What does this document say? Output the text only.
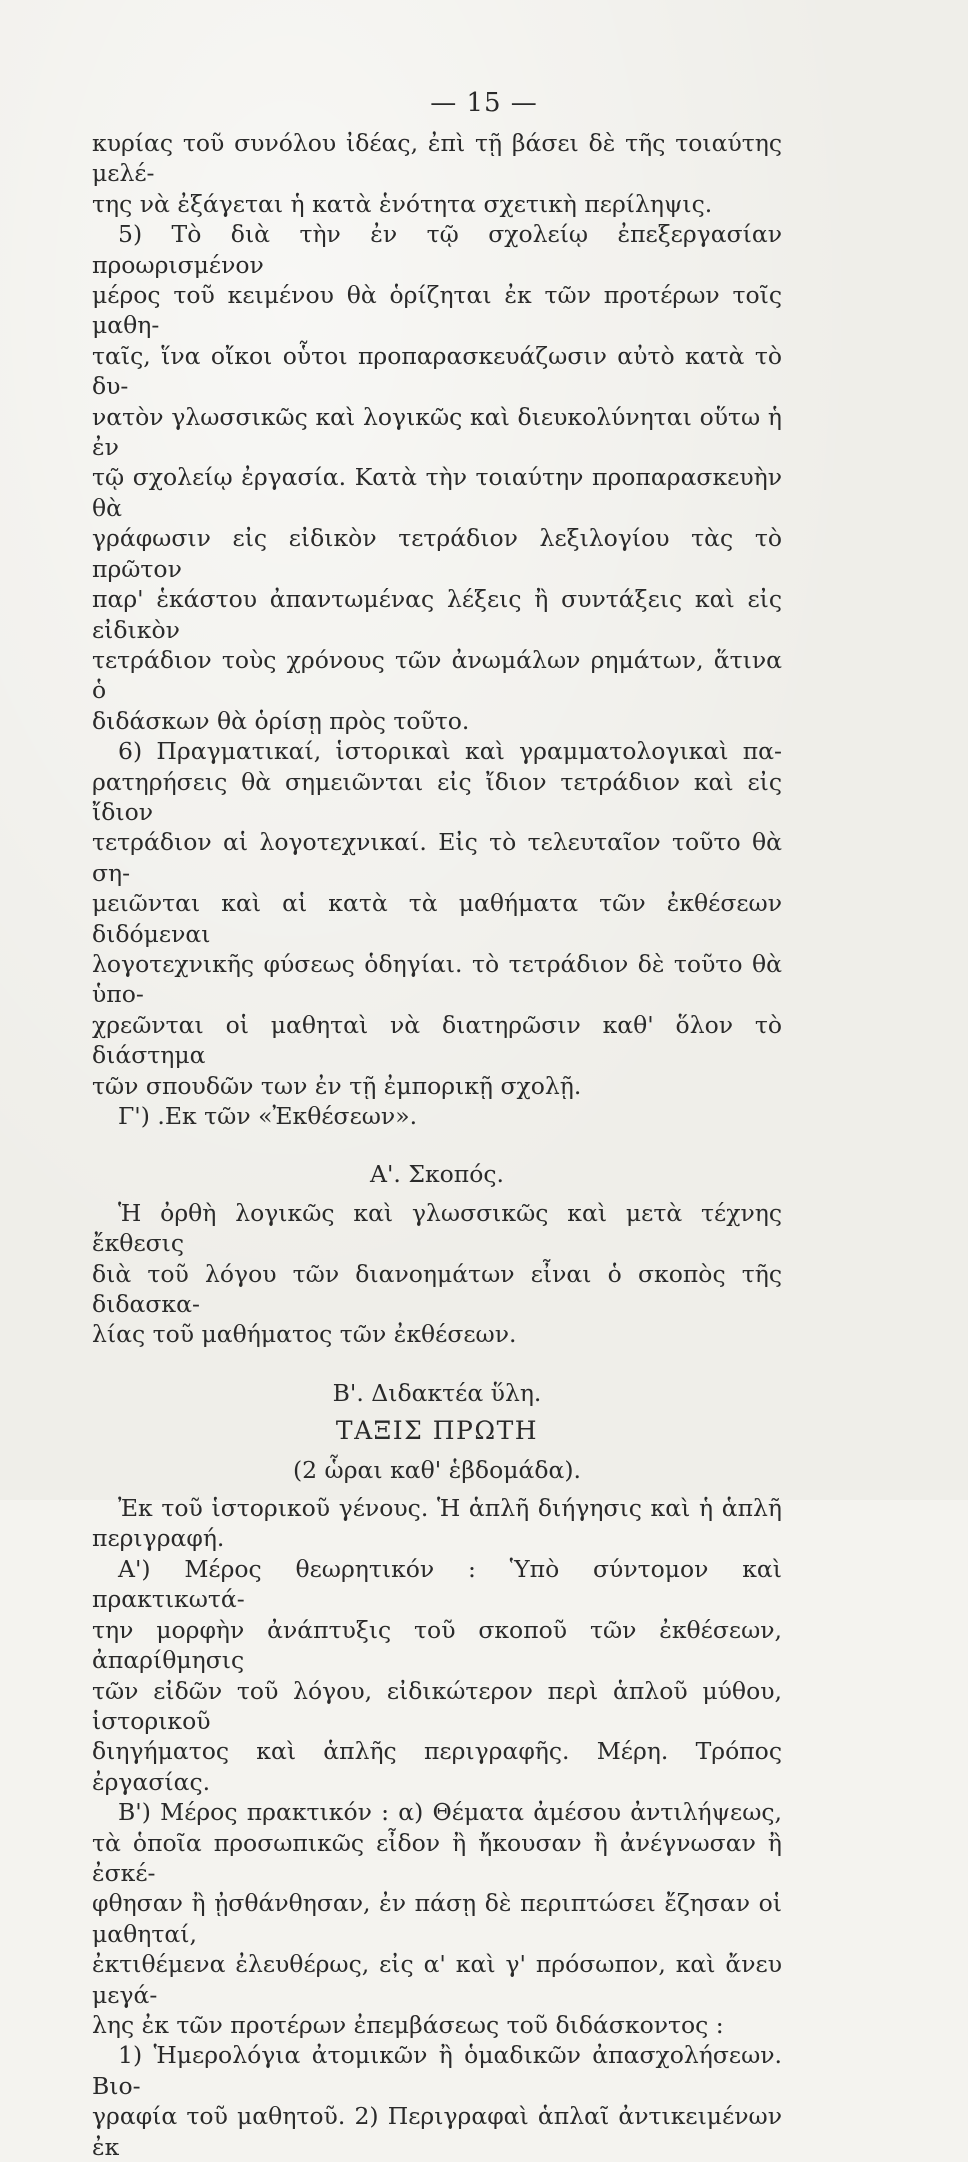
— 15 —

κυρίας τοῦ συνόλου ἰδέας, ἐπὶ τῇ βάσει δὲ τῆς τοιαύτης μελέ-

της νὰ ἐξάγεται ἡ κατὰ ἑνότητα σχετικὴ περίληψις.

5) Τὸ διὰ τὴν ἐν τῷ σχολείῳ ἐπεξεργασίαν πρoωρισμένον

μέρος τοῦ κειμένου θὰ ὁρίζηται ἐκ τῶν προτέρων τοῖς μαθη-

ταῖς, ἵνα οἴκοι οὗτοι προπαρασκευάζωσιν αὐτὸ κατὰ τὸ δυ-

νατὸν γλωσσικῶς καὶ λογικῶς καὶ διευκολύνηται οὕτω ἡ ἐν

τῷ σχολείῳ ἐργασία. Κατὰ τὴν τοιαύτην προπαρασκευὴν θὰ

γράφωσιν εἰς εἰδικὸν τετράδιον λεξιλογίου τὰς τὸ πρῶτον

παρ' ἑκάστου ἀπαντωμένας λέξεις ἢ συντάξεις καὶ εἰς εἰδικὸν

τετράδιον τοὺς χρόνους τῶν ἀνωμάλων ρημάτων, ἅτινα ὁ

διδάσκων θὰ ὁρίσῃ πρὸς τοῦτο.

6) Πραγματικαί, ἱστορικαὶ καὶ γραμματολογικαὶ πα-

ρατηρήσεις θὰ σημειῶνται εἰς ἴδιον τετράδιον καὶ εἰς ἴδιον

τετράδιον αἱ λογοτεχνικαί. Εἰς τὸ τελευταῖον τοῦτο θὰ ση-

μειῶνται καὶ αἱ κατὰ τὰ μαθήματα τῶν ἐκθέσεων διδόμεναι

λογοτεχνικῆς φύσεως ὁδηγίαι. τὸ τετράδιον δὲ τοῦτο θὰ ὑπο-

χρεῶνται οἱ μαθηταὶ νὰ διατηρῶσιν καθ' ὅλον τὸ διάστημα

τῶν σπουδῶν των ἐν τῇ ἐμπορικῇ σχολῇ.

Γ') .Εκ τῶν «Ἐκθέσεων».

Α'. Σκοπός.

Ἡ ὀρθὴ λογικῶς καὶ γλωσσικῶς καὶ μετὰ τέχνης ἔκθεσις

διὰ τοῦ λόγου τῶν διανοημάτων εἶναι ὁ σκοπὸς τῆς διδασκα-

λίας τοῦ μαθήματος τῶν ἐκθέσεων.

Β'. Διδακτέα ὕλη.

ΤΑΞΙΣ ΠΡΩΤΗ

(2 ὧραι καθ' ἑβδομάδα).

Ἐκ τοῦ ἱστορικοῦ γένους. Ἡ ἁπλῆ διήγησις καὶ ἡ ἁπλῆ

περιγραφή.

Α') Μέρος θεωρητικόν : Ὑπὸ σύντομον καὶ πρακτικωτά-

την μορφὴν ἀνάπτυξις τοῦ σκοποῦ τῶν ἐκθέσεων, ἀπαρίθμησις

τῶν εἰδῶν τοῦ λόγου, εἰδικώτερον περὶ ἁπλοῦ μύθου, ἱστορικοῦ

διηγήματος καὶ ἁπλῆς περιγραφῆς. Μέρη. Τρόπος ἐργασίας.

Β') Μέρος πρακτικόν : α) Θέματα ἀμέσου ἀντιλήψεως,

τὰ ὁποῖα προσωπικῶς εἶδον ἢ ἤκουσαν ἢ ἀνέγνωσαν ἢ ἐσκέ-

φθησαν ἢ ᾐσθάνθησαν, ἐν πάσῃ δὲ περιπτώσει ἔζησαν οἱ μαθηταί,

ἐκτιθέμενα ἐλευθέρως, εἰς α' καὶ γ' πρόσωπον, καὶ ἄνευ μεγά-

λης ἐκ τῶν προτέρων ἐπεμβάσεως τοῦ διδάσκοντος :

1) Ἡμερολόγια ἀτομικῶν ἢ ὁμαδικῶν ἀπασχολήσεων. Βιο-

γραφία τοῦ μαθητοῦ. 2) Περιγραφαὶ ἁπλαῖ ἀντικειμένων ἐκ
